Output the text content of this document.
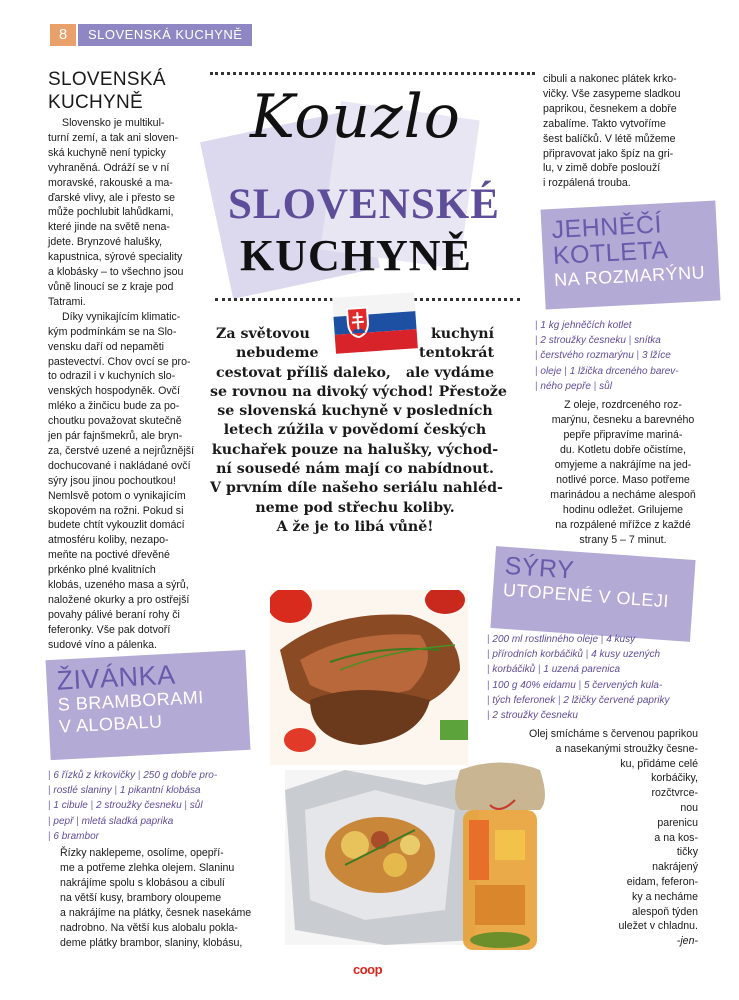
8	SLOVENSKÁ KUCHYNĚ
Kouzlo
SLOVENSKÉ
KUCHYNĚ
Za světovou	kuchyní
nebudeme	tentokrát
cestovat příliš daleko, ale vydáme
se rovnou na divoký východ! Přestože
se slovenská kuchyně v posledních
letech zúžila v povědomí českých
kuchařek pouze na halušky, východ-
ní sousedé nám mají co nabídnout.
V prvním díle našeho seriálu nahléd-
neme pod střechu koliby.
A že je to libá vůně!
SLOVENSKÁ
KUCHYNĚ
Slovensko je multikul-
turní zemí, a tak ani sloven-
ská kuchyně není typicky
vyhraněná. Odráží se v ní
moravské, rakouské a ma-
ďarské vlivy, ale i přesto se
může pochlubit lahůdkami,
které jinde na světě nena-
jdete. Brynzové halušky,
kapustnica, sýrové speciality
a klobásky – to všechno jsou
vůně linoucí se z kraje pod
Tatrami.
Díky vynikajícím klimatic-
kým podmínkám se na Slo-
vensku daří od nepaměti
pastevectví. Chov ovcí se pro-
to odrazil i v kuchyních slo-
venských hospodyněk. Ovčí
mléko a žinčicu bude za po-
choutku považovat skutečně
jen pár fajnšmekrů, ale bryn-
za, čerstvé uzené a nejrůznější
dochucované i nakládané ovčí
sýry jsou jinou pochoutkou!
Nemlsvě potom o vynikajícím
skopovém na rožni. Pokud si
budete chtít vykouzlit domácí
atmosféru koliby, nezapo-
meňte na poctivé dřevěné
prkénko plné kvalitních
klobás, uzeného masa a sýrů,
naložené okurky a pro ostřejší
povahy pálivé beraní rohy či
feferonky. Vše pak dotvoří
sudové víno a pálenka.
cibuli a nakonec plátek krko-
vičky. Vše zasypeme sladkou
paprikou, česnekem a dobře
zabalíme. Takto vytvoříme
šest balíčků. V létě můžeme
připravovat jako špíz na gri-
lu, v zimě dobře poslouží
i rozpálená trouba.
JEHNĚČÍ
KOTLETA
NA ROZMARÝNU
| 1 kg jehněčích kotlet
| 2 stroužky česneku | snítka
| čerstvého rozmarýnu | 3 lžíce
| oleje | 1 lžička drceného barev-
| ného pepře | sůl
Z oleje, rozdrceného roz-
marýnu, česneku a barevného
pepře připravíme mariná-
du. Kotletu dobře očistíme,
omyjeme a nakrájíme na jed-
notlivé porce. Maso potřeme
marinádou a necháme alespoň
hodinu odležet. Grilujeme
na rozpálené mřížce z každé
strany 5 – 7 minut.
SÝRY
UTOPENÉ V OLEJI
| 200 ml rostlinného oleje | 4 kusy
| přírodních korbáčiků | 4 kusy uzených
| korbáčiků | 1 uzená parenica
| 100 g 40% eidamu | 5 červených kula-
| tých feferonek | 2 lžičky červené papriky
| 2 stroužky česneku
Olej smícháme s červenou paprikou
a nasekanými stroužky česne-
ku, přidáme celé
korbáčiky,
rozčtvrce-
nou
parenicu
a na kos-
tičky
nakrájený
eidam, feferon-
ky a necháme
alespoň týden
uležet v chladnu.
-jen-
ŽIVÁNKA
S BRAMBORAMI
V ALOBALU
| 6 řízků z krkovičky | 250 g dobře pro-
| rostlé slaniny | 1 pikantní klobása
| 1 cibule | 2 stroužky česneku | sůl
| pepř | mletá sladká paprika
| 6 brambor
Řízky naklepeme, osolíme, opepří-
me a potřeme zlehka olejem. Slaninu
nakrájíme spolu s klobásou a cibulí
na větší kusy, brambory oloupeme
a nakrájíme na plátky, česnek nasekáme
nadrobno. Na větší kus alobalu pokla-
deme plátky brambor, slaniny, klobásu,
coop
